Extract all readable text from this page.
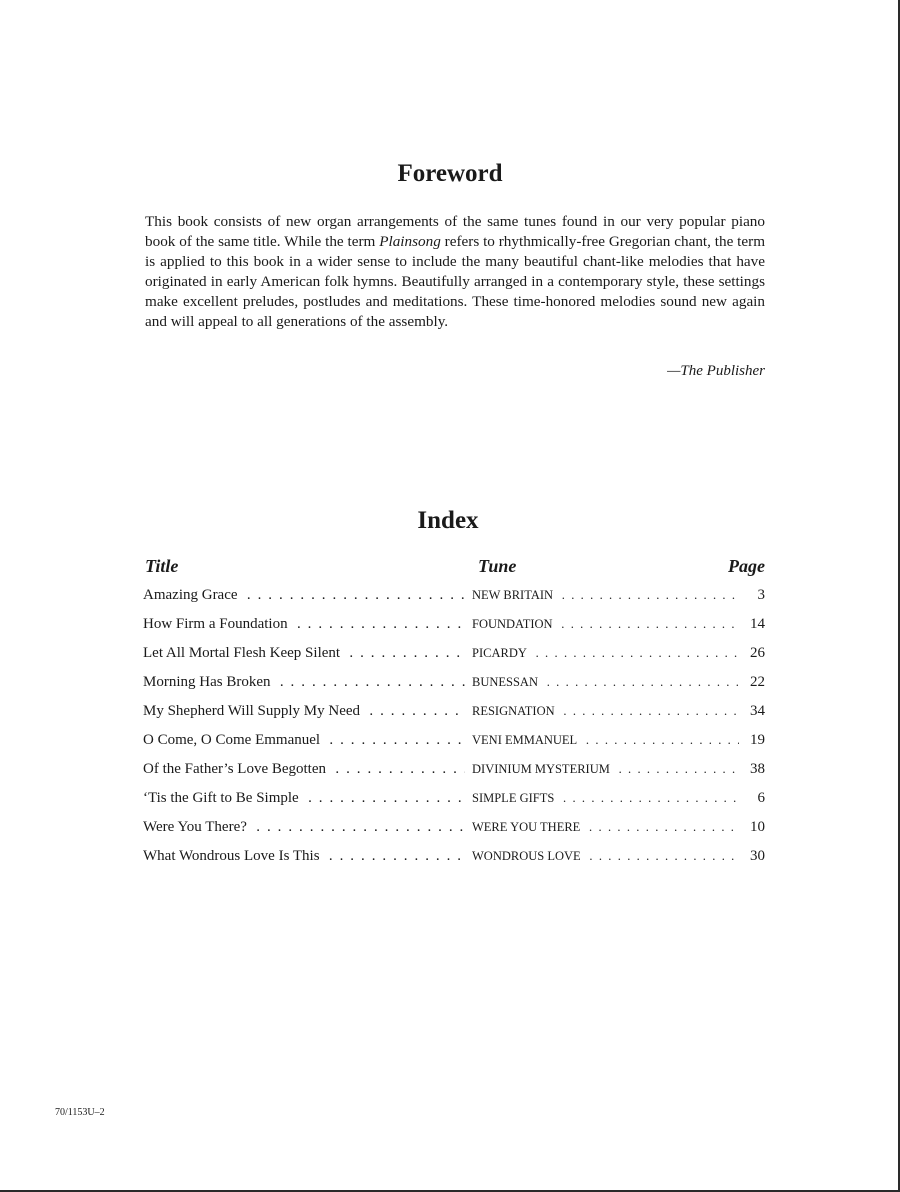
Foreword

This book consists of new organ arrangements of the same tunes found in our very popular piano book of the same title. While the term Plainsong refers to rhythmically-free Gregorian chant, the term is applied to this book in a wider sense to include the many beautiful chant-like melodies that have originated in early American folk hymns. Beautifully arranged in a contemporary style, these settings make excellent preludes, postludes and meditations. These time-honored melodies sound new again and will appeal to all generations of the assembly.

—The Publisher

Index
Title	Tune	Page
Amazing Grace . . .	NEW BRITAIN . . .	3
How Firm a Foundation . . .	FOUNDATION . . .	14
Let All Mortal Flesh Keep Silent . . .	PICARDY . . .	26
Morning Has Broken . . .	BUNESSAN . . .	22
My Shepherd Will Supply My Need . . .	RESIGNATION . . .	34
O Come, O Come Emmanuel . . .	VENI EMMANUEL . . .	19
Of the Father’s Love Begotten . . .	DIVINIUM MYSTERIUM . . .	38
‘Tis the Gift to Be Simple . . .	SIMPLE GIFTS . . .	6
Were You There? . . .	WERE YOU THERE . . .	10
What Wondrous Love Is This . . .	WONDROUS LOVE . . .	30

70/1153U–2
